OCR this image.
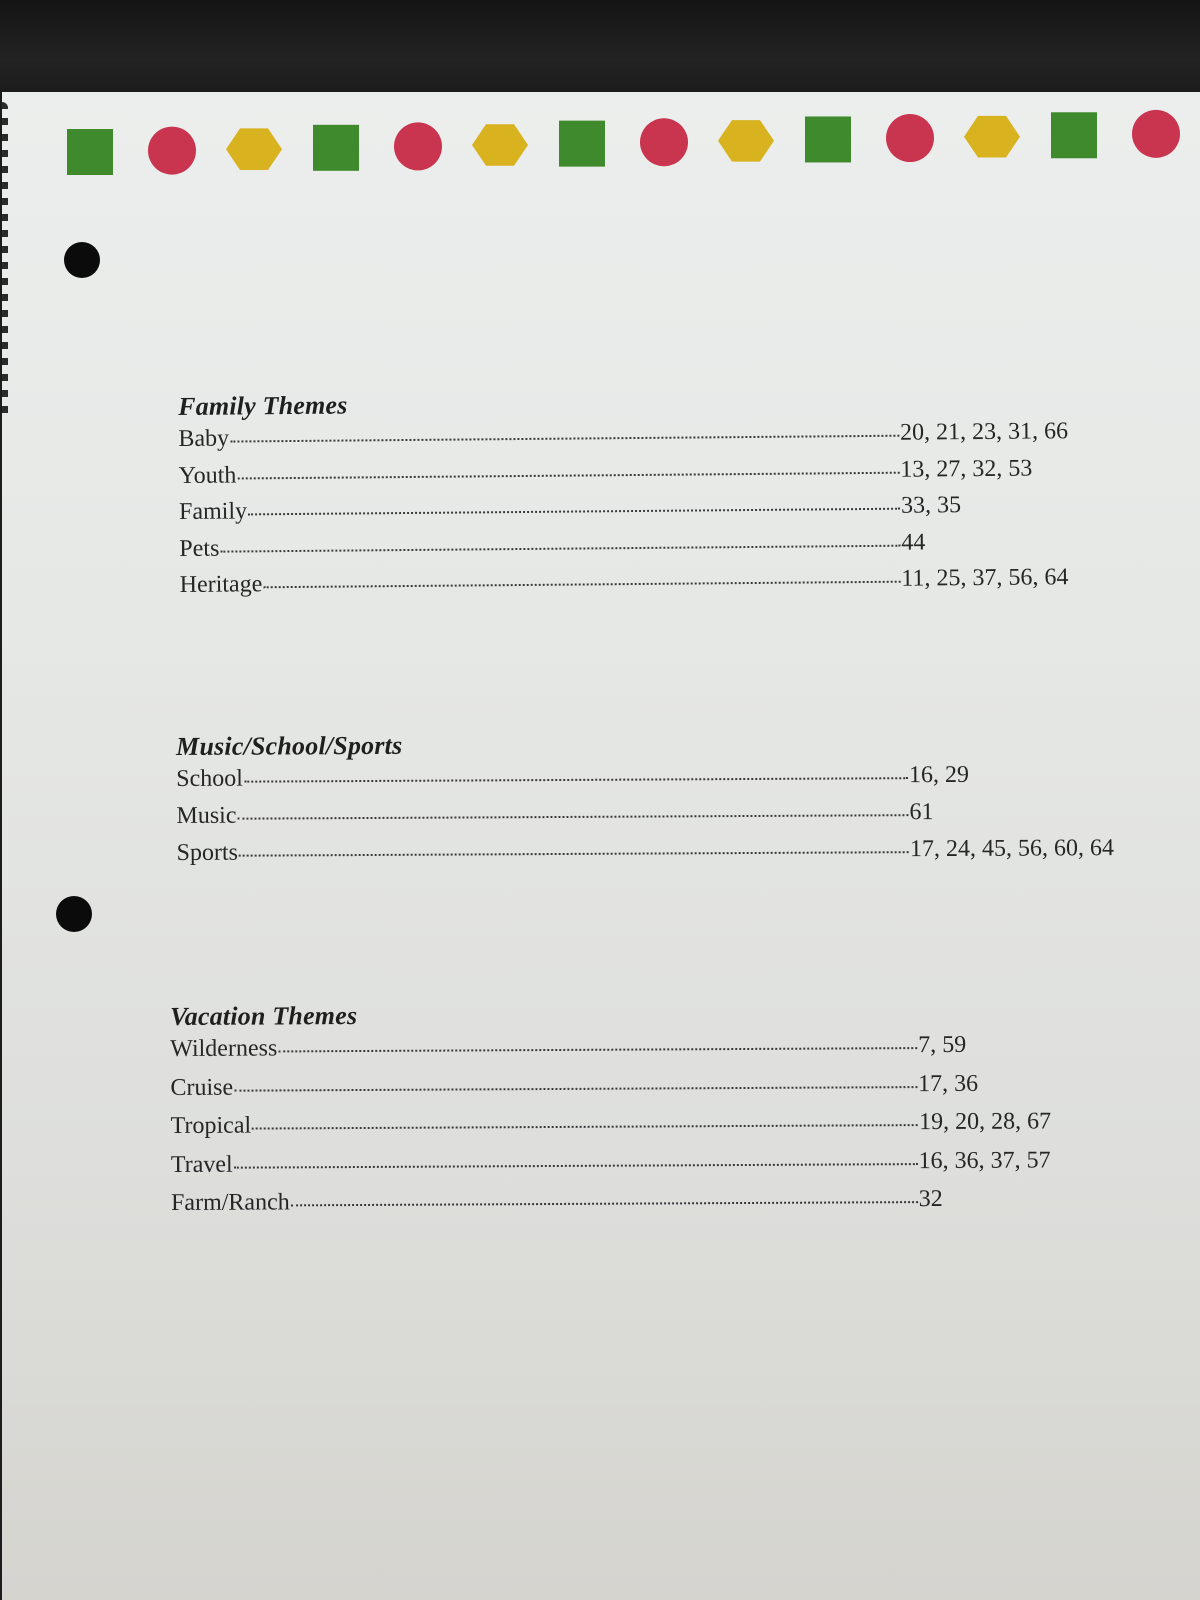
Family Themes
Baby	20, 21, 23, 31, 66
Youth	13, 27, 32, 53
Family	33, 35
Pets	44
Heritage	11, 25, 37, 56, 64
Music/School/Sports
School	16, 29
Music	61
Sports	17, 24, 45, 56, 60, 64
Vacation Themes
Wilderness	7, 59
Cruise	17, 36
Tropical	19, 20, 28, 67
Travel	16, 36, 37, 57
Farm/Ranch	32
